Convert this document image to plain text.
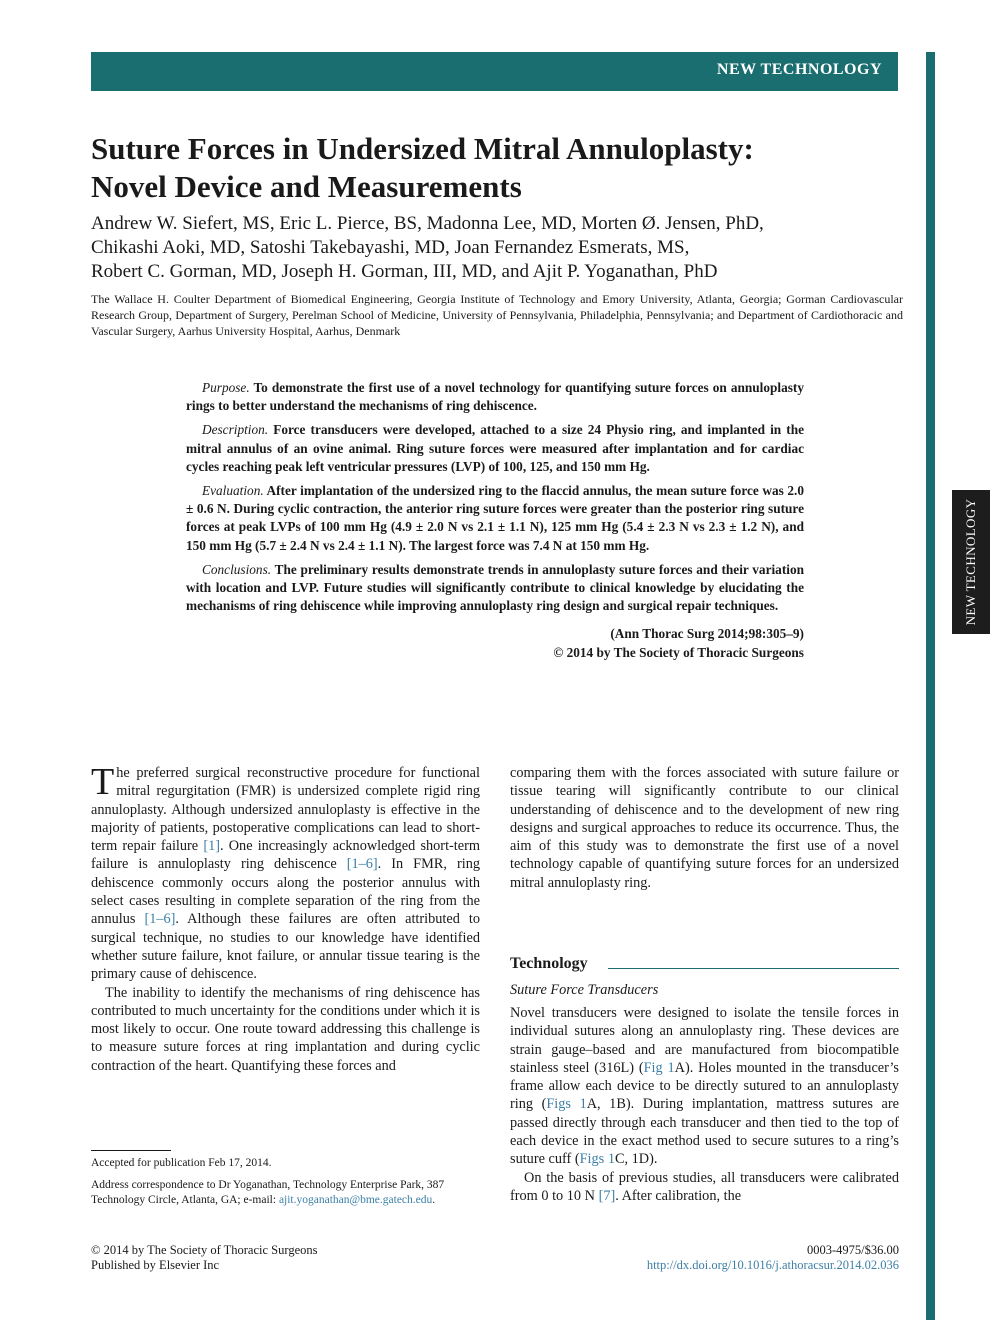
NEW TECHNOLOGY
NEW TECHNOLOGY
Suture Forces in Undersized Mitral Annuloplasty:
Novel Device and Measurements
Andrew W. Siefert, MS, Eric L. Pierce, BS, Madonna Lee, MD, Morten Ø. Jensen, PhD,
Chikashi Aoki, MD, Satoshi Takebayashi, MD, Joan Fernandez Esmerats, MS,
Robert C. Gorman, MD, Joseph H. Gorman, III, MD, and Ajit P. Yoganathan, PhD
The Wallace H. Coulter Department of Biomedical Engineering, Georgia Institute of Technology and Emory University, Atlanta, Georgia; Gorman Cardiovascular Research Group, Department of Surgery, Perelman School of Medicine, University of Pennsylvania, Philadelphia, Pennsylvania; and Department of Cardiothoracic and Vascular Surgery, Aarhus University Hospital, Aarhus, Denmark

Purpose. To demonstrate the first use of a novel technology for quantifying suture forces on annuloplasty rings to better understand the mechanisms of ring dehiscence.

Description. Force transducers were developed, attached to a size 24 Physio ring, and implanted in the mitral annulus of an ovine animal. Ring suture forces were measured after implantation and for cardiac cycles reaching peak left ventricular pressures (LVP) of 100, 125, and 150 mm Hg.

Evaluation. After implantation of the undersized ring to the flaccid annulus, the mean suture force was 2.0 ± 0.6 N. During cyclic contraction, the anterior ring suture forces were greater than the posterior ring suture forces at peak LVPs of 100 mm Hg (4.9 ± 2.0 N vs 2.1 ± 1.1 N), 125 mm Hg (5.4 ± 2.3 N vs 2.3 ± 1.2 N), and 150 mm Hg (5.7 ± 2.4 N vs 2.4 ± 1.1 N). The largest force was 7.4 N at 150 mm Hg.

Conclusions. The preliminary results demonstrate trends in annuloplasty suture forces and their variation with location and LVP. Future studies will significantly contribute to clinical knowledge by elucidating the mechanisms of ring dehiscence while improving annuloplasty ring design and surgical repair techniques.

(Ann Thorac Surg 2014;98:305–9)
© 2014 by The Society of Thoracic Surgeons

The preferred surgical reconstructive procedure for functional mitral regurgitation (FMR) is undersized complete rigid ring annuloplasty. Although undersized annuloplasty is effective in the majority of patients, postoperative complications can lead to short-term repair failure [1]. One increasingly acknowledged short-term failure is annuloplasty ring dehiscence [1–6]. In FMR, ring dehiscence commonly occurs along the posterior annulus with select cases resulting in complete separation of the ring from the annulus [1–6]. Although these failures are often attributed to surgical technique, no studies to our knowledge have identified whether suture failure, knot failure, or annular tissue tearing is the primary cause of dehiscence.

The inability to identify the mechanisms of ring dehiscence has contributed to much uncertainty for the conditions under which it is most likely to occur. One route toward addressing this challenge is to measure suture forces at ring implantation and during cyclic contraction of the heart. Quantifying these forces and

comparing them with the forces associated with suture failure or tissue tearing will significantly contribute to our clinical understanding of dehiscence and to the development of new ring designs and surgical approaches to reduce its occurrence. Thus, the aim of this study was to demonstrate the first use of a novel technology capable of quantifying suture forces for an undersized mitral annuloplasty ring.

Technology
Suture Force Transducers

Novel transducers were designed to isolate the tensile forces in individual sutures along an annuloplasty ring. These devices are strain gauge–based and are manufactured from biocompatible stainless steel (316L) (Fig 1A). Holes mounted in the transducer’s frame allow each device to be directly sutured to an annuloplasty ring (Figs 1A, 1B). During implantation, mattress sutures are passed directly through each transducer and then tied to the top of each device in the exact method used to secure sutures to a ring’s suture cuff (Figs 1C, 1D).

On the basis of previous studies, all transducers were calibrated from 0 to 10 N [7]. After calibration, the

Accepted for publication Feb 17, 2014.
Address correspondence to Dr Yoganathan, Technology Enterprise Park, 387 Technology Circle, Atlanta, GA; e-mail: ajit.yoganathan@bme.gatech.edu.
© 2014 by The Society of Thoracic Surgeons
Published by Elsevier Inc
0003-4975/$36.00
http://dx.doi.org/10.1016/j.athoracsur.2014.02.036
